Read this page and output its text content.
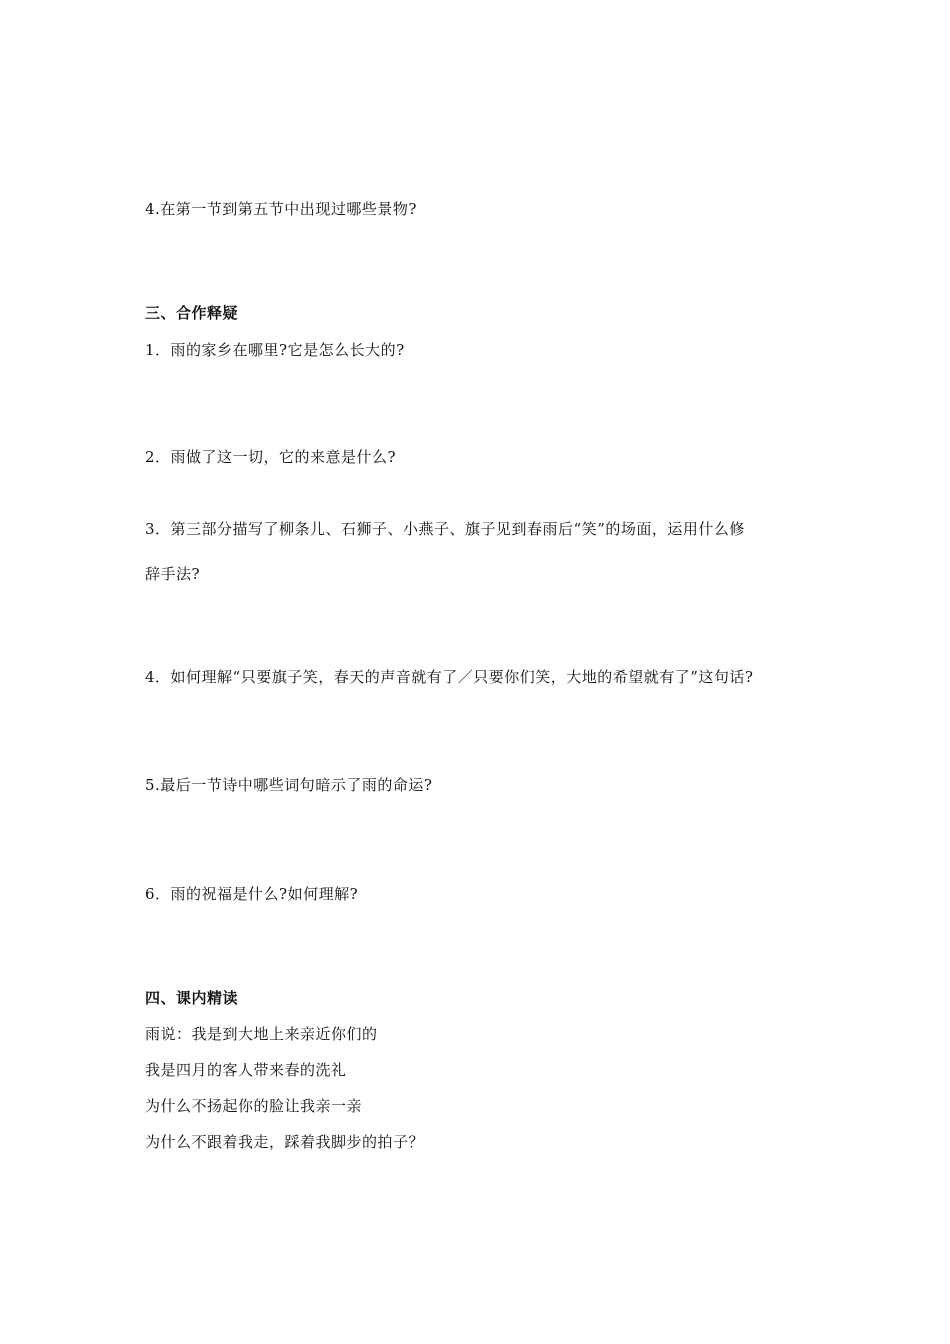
4.在第一节到第五节中出现过哪些景物?
三、合作释疑
1．雨的家乡在哪里?它是怎么长大的?
2．雨做了这一切，它的来意是什么?
3．第三部分描写了柳条儿、石狮子、小燕子、旗子见到春雨后“笑”的场面，运用什么修
辞手法?
4．如何理解“只要旗子笑，春天的声音就有了／只要你们笑，大地的希望就有了”这句话?
5.最后一节诗中哪些词句暗示了雨的命运?
6．雨的祝福是什么?如何理解?
四、课内精读
雨说：我是到大地上来亲近你们的
我是四月的客人带来春的洗礼
为什么不扬起你的脸让我亲一亲
为什么不跟着我走，踩着我脚步的拍子？
